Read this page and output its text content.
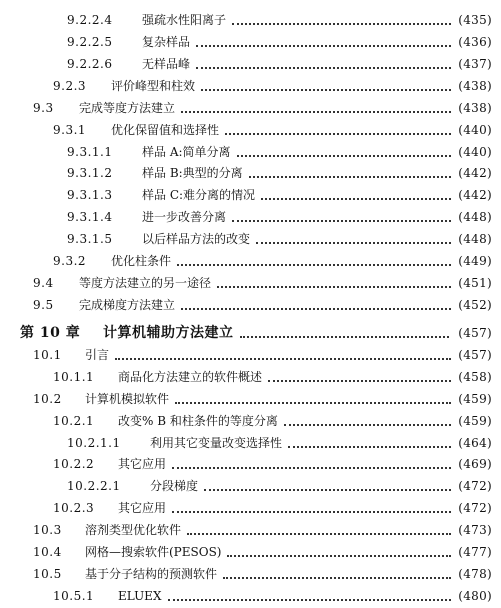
9.2.2.4 强疏水性阳离子	(435)
9.2.2.5 复杂样品	(436)
9.2.2.6 无样品峰	(437)
9.2.3 评价峰型和柱效	(438)
9.3 完成等度方法建立	(438)
9.3.1 优化保留值和选择性	(440)
9.3.1.1 样品 A:简单分离	(440)
9.3.1.2 样品 B:典型的分离	(442)
9.3.1.3 样品 C:难分离的情况	(442)
9.3.1.4 进一步改善分离	(448)
9.3.1.5 以后样品方法的改变	(448)
9.3.2 优化柱条件	(449)
9.4 等度方法建立的另一途径	(451)
9.5 完成梯度方法建立	(452)
第 10 章 计算机辅助方法建立	(457)
10.1 引言	(457)
10.1.1 商品化方法建立的软件概述	(458)
10.2 计算机模拟软件	(459)
10.2.1 改变% B 和柱条件的等度分离	(459)
10.2.1.1 利用其它变量改变选择性	(464)
10.2.2 其它应用	(469)
10.2.2.1 分段梯度	(472)
10.2.3 其它应用	(472)
10.3 溶剂类型优化软件	(473)
10.4 网格—搜索软件(PESOS)	(477)
10.5 基于分子结构的预测软件	(478)
10.5.1 ELUEX	(480)
